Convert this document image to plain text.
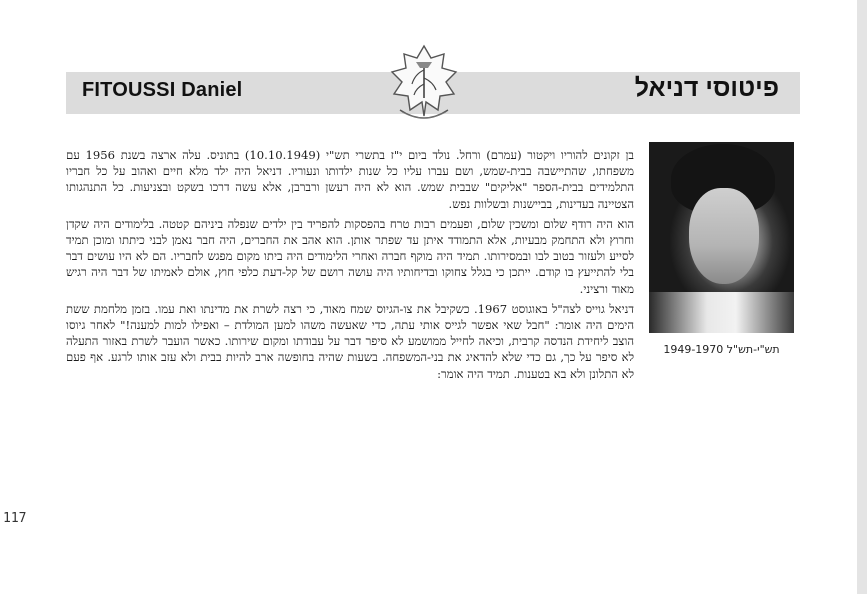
FITOUSSI Daniel	פיטוסי דניאל
תש"י-תש"ל 1949-1970

בן זקונים להוריו ויקטור (עמרם) ורחל. נולד ביום י"ז בתשרי תש"י (10.10.1949) בתוניס. עלה ארצה בשנת 1956 עם משפחתו, שהתיישבה בבית-שמש, ושם עברו עליו כל שנות ילדותו ונעוריו. דניאל היה ילד מלא חיים ואהוב על כל חבריו התלמידים בבית-הספר "אליקים" שבבית שמש. הוא לא היה רעשן ורברבן, אלא עשה דרכו בשקט ובצניעות. כל התנהגותו הצטיינה בעדינות, בביישנות ובשלוות נפש.

הוא היה רודף שלום ומשכין שלום, ופעמים רבות טרח בהפסקות להפריד בין ילדים שנפלה ביניהם קטטה. בלימודים היה שקדן וחרוץ ולא התחמק מבעיות, אלא התמודד איתן עד שפתר אותן. הוא אהב את החברים, היה חבר נאמן לבני כיתתו ומוכן תמיד לסייע ולעזור בטוב לבו ובמסירותו. תמיד היה מוקף חברה ואחרי הלימודים היה ביתו מקום מפגש לחבריו. הם לא היו עושים דבר בלי להתייעץ בו קודם. ייתכן כי בגלל צחוקו ובדיחותיו היה עושה רושם של קל-דעת כלפי חוץ, אולם לאמיתו של דבר היה רגיש מאוד ורציני.

דניאל גוייס לצה"ל באוגוסט 1967. כשקיבל את צו-הגיוס שמח מאוד, כי רצה לשרת את מדינתו ואת עמו. בזמן מלחמת ששת הימים היה אומר: "חבל שאי אפשר לגייס אותי עתה, כדי שאעשה משהו למען המולדת – ואפילו למות למענה!" לאחר גיוסו הוצב ליחידת הנדסה קרבית, וכיאה לחייל ממושמע לא סיפר דבר על עבודתו ומקום שירותו. כאשר הועבר לשרת באזור התעלה לא סיפר על כך, גם כדי שלא להדאיג את בני-המשפחה. בשעות שהיה בחופשה ארב להיות בבית ולא עזב אותו לרגע. אף פעם לא התלונן ולא בא בטענות. תמיד היה אומר:

117
